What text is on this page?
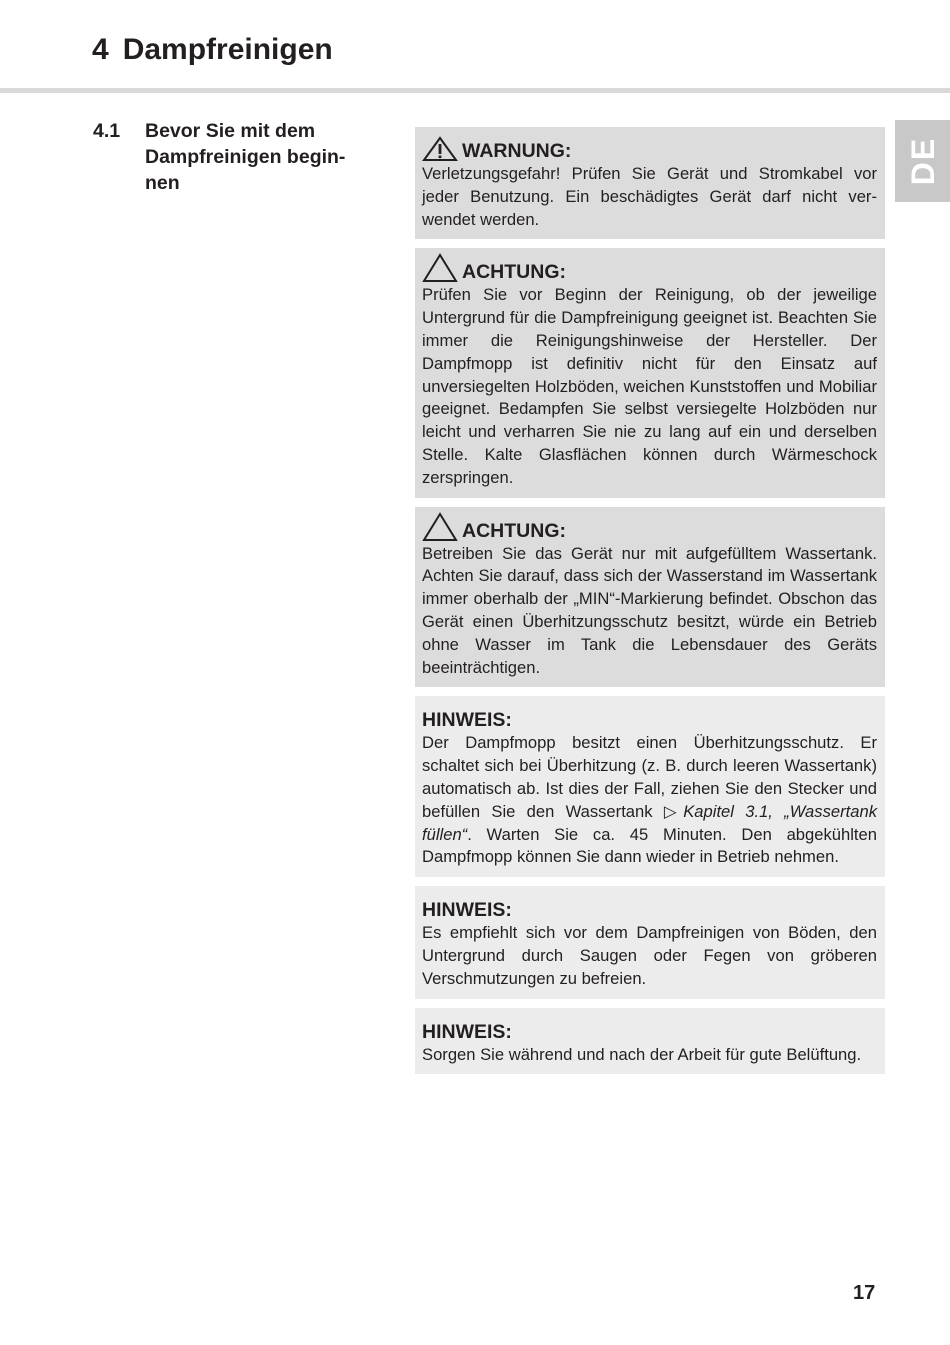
4 Dampfreinigen
DE
4.1	Bevor Sie mit dem
Dampfreinigen begin-
nen
WARNUNG:
Verletzungsgefahr! Prüfen Sie Gerät und Stromkabel vor jeder Benutzung. Ein beschädigtes Gerät darf nicht verwendet werden.
ACHTUNG:
Prüfen Sie vor Beginn der Reinigung, ob der jeweilige Untergrund für die Dampfreinigung geeignet ist. Beachten Sie immer die Reinigungshinweise der Hersteller. Der Dampfmopp ist definitiv nicht für den Einsatz auf unversiegelten Holzböden, weichen Kunststoffen und Mobiliar geeignet. Bedampfen Sie selbst versiegelte Holzböden nur leicht und verharren Sie nie zu lang auf ein und derselben Stelle. Kalte Glasflächen können durch Wärmeschock zerspringen.
ACHTUNG:
Betreiben Sie das Gerät nur mit aufgefülltem Wassertank. Achten Sie darauf, dass sich der Wasserstand im Wassertank immer oberhalb der „MIN“-Markierung befindet. Obschon das Gerät einen Überhitzungsschutz besitzt, würde ein Betrieb ohne Wasser im Tank die Lebensdauer des Geräts beeinträchtigen.
HINWEIS:
Der Dampfmopp besitzt einen Überhitzungsschutz. Er schaltet sich bei Überhitzung (z. B. durch leeren Wassertank) automatisch ab. Ist dies der Fall, ziehen Sie den Stecker und befüllen Sie den Wassertank ▷Kapitel 3.1, „Wassertank füllen“. Warten Sie ca. 45 Minuten. Den abgekühlten Dampfmopp können Sie dann wieder in Betrieb nehmen.
HINWEIS:
Es empfiehlt sich vor dem Dampfreinigen von Böden, den Untergrund durch Saugen oder Fegen von gröberen Verschmutzungen zu befreien.
HINWEIS:
Sorgen Sie während und nach der Arbeit für gute Belüftung.
17
